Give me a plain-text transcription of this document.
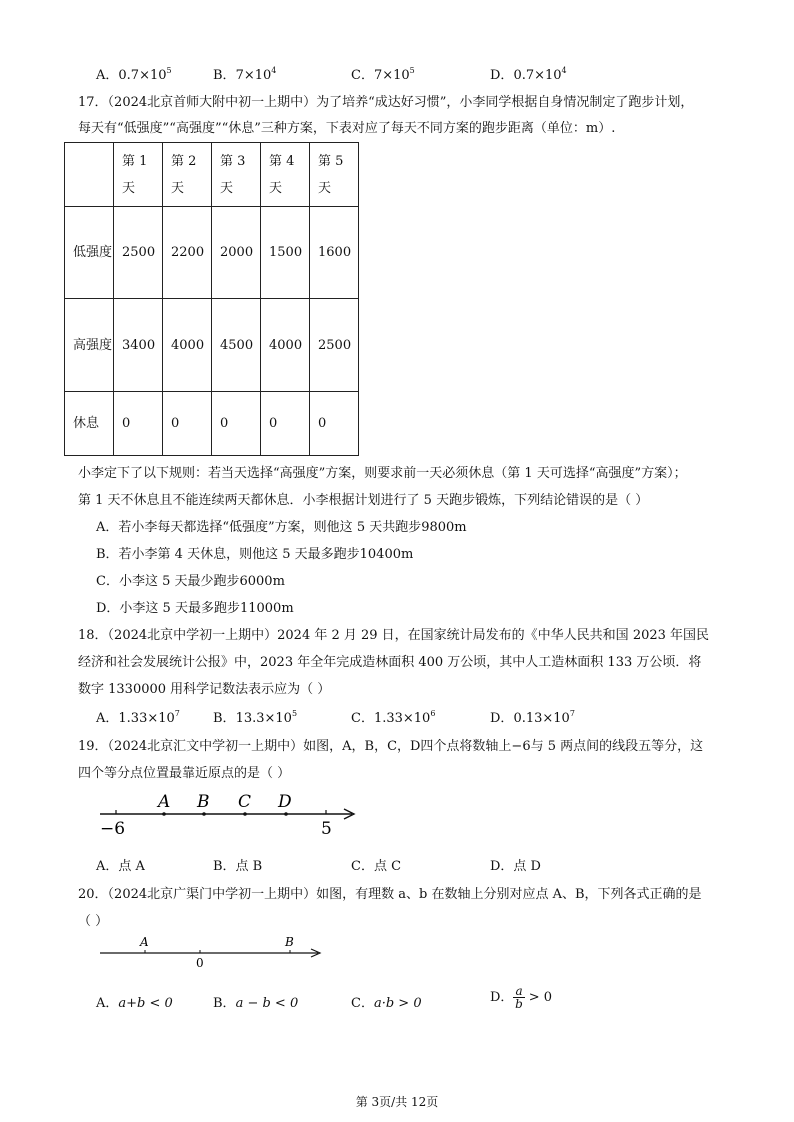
A．$0.7\times 10^5$	B．$7\times 10^4$	C．$7\times 10^5$	D．$0.7\times 10^4$
17．（2024北京首师大附中初一上期中）为了培养“成达好习惯”，小李同学根据自身情况制定了跑步计划，
每天有“低强度”“高强度”“休息”三种方案，下表对应了每天不同方案的跑步距离（单位：m）.
	第 1 天	第 2 天	第 3 天	第 4 天	第 5 天
低强度	2500	2200	2000	1500	1600
高强度	3400	4000	4500	4000	2500
休息	0	0	0	0	0
小李定下了以下规则：若当天选择“高强度”方案，则要求前一天必须休息（第 1 天可选择“高强度”方案）；
第 1 天不休息且不能连续两天都休息．小李根据计划进行了 5 天跑步锻炼，下列结论错误的是（ ）
A．若小李每天都选择“低强度”方案，则他这 5 天共跑步9800m
B．若小李第 4 天休息，则他这 5 天最多跑步10400m
C．小李这 5 天最少跑步6000m
D．小李这 5 天最多跑步11000m
18．（2024北京中学初一上期中）2024 年 2 月 29 日，在国家统计局发布的《中华人民共和国 2023 年国民
经济和社会发展统计公报》中，2023 年全年完成造林面积 400 万公顷，其中人工造林面积 133 万公顷．将
数字 1330000 用科学记数法表示应为（ ）
A．$1.33\times 10^7$	B．$13.3\times 10^5$	C．$1.33\times 10^6$	D．$0.13\times 10^7$
19．（2024北京汇文中学初一上期中）如图，A，B，C，D四个点将数轴上−6与 5 两点间的线段五等分，这
四个等分点位置最靠近原点的是（ ）
A B C D
−6	5
A．点 A	B．点 B	C．点 C	D．点 D
20．（2024北京广渠门中学初一上期中）如图，有理数 a、b 在数轴上分别对应点 A、B，下列各式正确的是
（ ）
A	B
0
A．a+b < 0	B．a − b < 0	C．a·b > 0	D． $\frac{a}{b} > 0$
第 3页/共 12页
